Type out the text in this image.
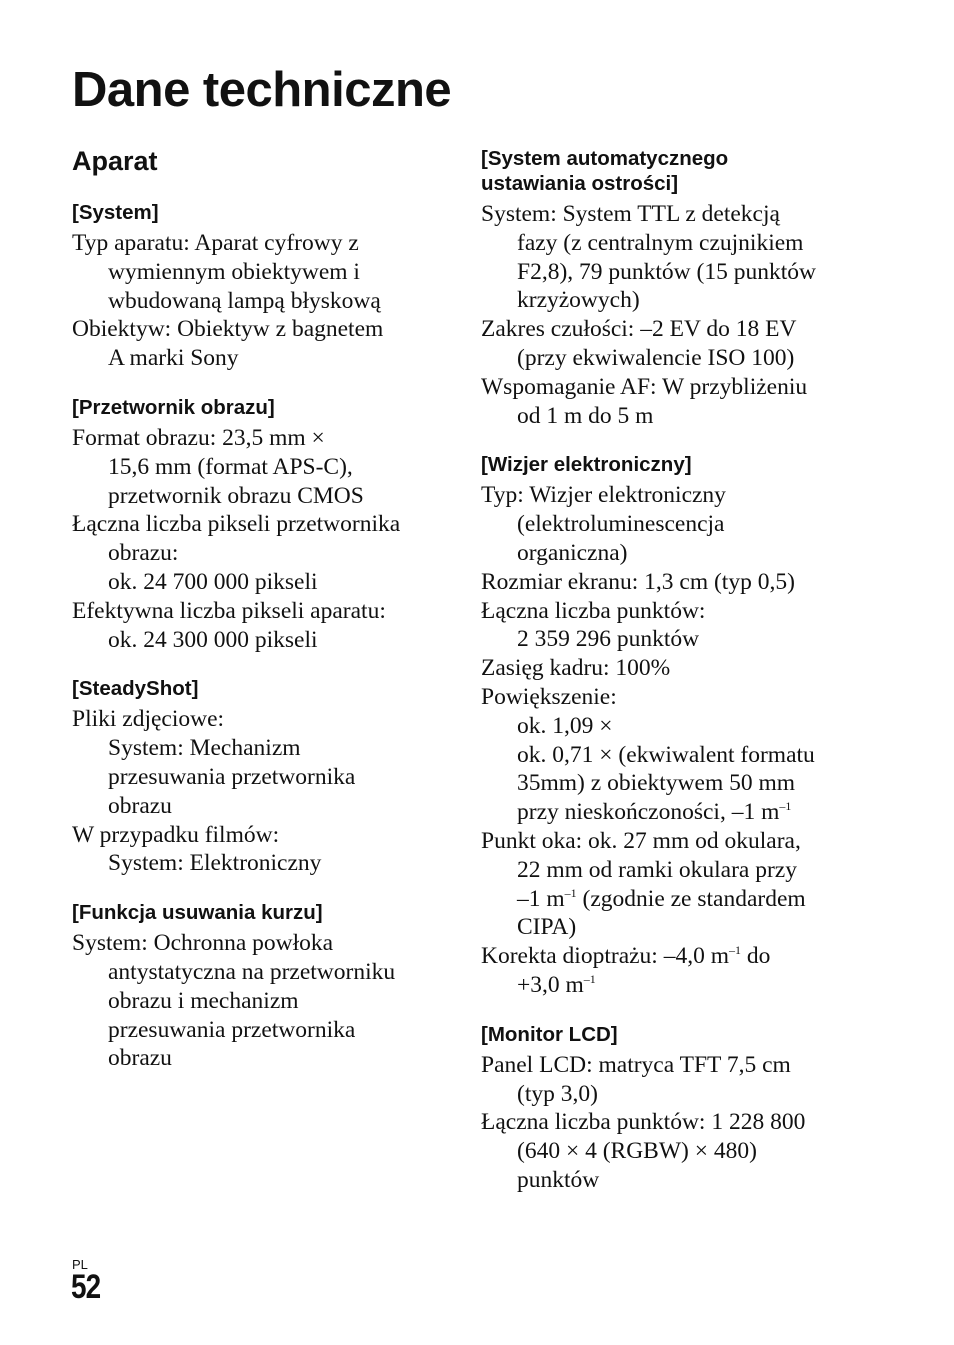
Dane techniczne
Aparat
[System]
Typ aparatu: Aparat cyfrowy z
wymiennym obiektywem i
wbudowaną lampą błyskową
Obiektyw: Obiektyw z bagnetem
A marki Sony
[Przetwornik obrazu]
Format obrazu: 23,5 mm ×
15,6 mm (format APS-C),
przetwornik obrazu CMOS
Łączna liczba pikseli przetwornika
obrazu:
ok. 24 700 000 pikseli
Efektywna liczba pikseli aparatu:
ok. 24 300 000 pikseli
[SteadyShot]
Pliki zdjęciowe:
System: Mechanizm
przesuwania przetwornika
obrazu
W przypadku filmów:
System: Elektroniczny
[Funkcja usuwania kurzu]
System: Ochronna powłoka
antystatyczna na przetworniku
obrazu i mechanizm
przesuwania przetwornika
obrazu
[System automatycznego
ustawiania ostrości]
System: System TTL z detekcją
fazy (z centralnym czujnikiem
F2,8), 79 punktów (15 punktów
krzyżowych)
Zakres czułości: –2 EV do 18 EV
(przy ekwiwalencie ISO 100)
Wspomaganie AF: W przybliżeniu
od 1 m do 5 m
[Wizjer elektroniczny]
Typ: Wizjer elektroniczny
(elektroluminescencja
organiczna)
Rozmiar ekranu: 1,3 cm (typ 0,5)
Łączna liczba punktów:
2 359 296 punktów
Zasięg kadru: 100%
Powiększenie:
ok. 1,09 ×
ok. 0,71 × (ekwiwalent formatu
35mm) z obiektywem 50 mm
przy nieskończoności, –1 $m^{-1}$
Punkt oka: ok. 27 mm od okulara,
22 mm od ramki okulara przy
–1 $m^{-1}$ (zgodnie ze standardem
CIPA)
Korekta dioptrażu: –4,0 $m^{-1}$ do
+3,0 $m^{-1}$
[Monitor LCD]
Panel LCD: matryca TFT 7,5 cm
(typ 3,0)
Łączna liczba punktów: 1 228 800
(640 × 4 (RGBW) × 480)
punktów
PL
52
